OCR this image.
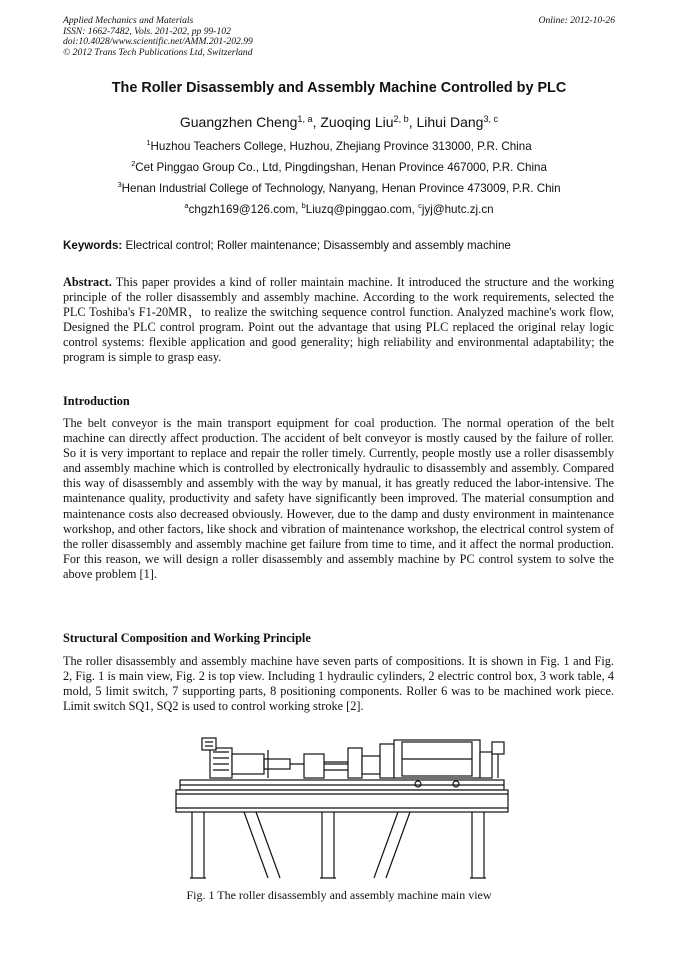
Applied Mechanics and Materials
ISSN: 1662-7482, Vols. 201-202, pp 99-102
doi:10.4028/www.scientific.net/AMM.201-202.99
© 2012 Trans Tech Publications Ltd, Switzerland
Online: 2012-10-26
The Roller Disassembly and Assembly Machine Controlled by PLC
Guangzhen Cheng$^{1, a}$, Zuoqing Liu$^{2, b}$, Lihui Dang$^{3, c}$
$^1$Huzhou Teachers College, Huzhou, Zhejiang Province 313000, P.R. China
$^2$Cet Pinggao Group Co., Ltd, Pingdingshan, Henan Province 467000, P.R. China
$^3$Henan Industrial College of Technology, Nanyang, Henan Province 473009, P.R. Chin
$^a$chgzh169@126.com, $^b$Liuzq@pinggao.com, $^c$jyj@hutc.zj.cn
Keywords: Electrical control; Roller maintenance; Disassembly and assembly machine
Abstract. This paper provides a kind of roller maintain machine. It introduced the structure and the working principle of the roller disassembly and assembly machine. According to the work requirements, selected the PLC Toshiba's F1-20MR，to realize the switching sequence control function. Analyzed machine's work flow, Designed the PLC control program. Point out the advantage that using PLC replaced the original relay logic control systems: flexible application and good generality; high reliability and environmental adaptability; the program is simple to grasp easy.
Introduction
The belt conveyor is the main transport equipment for coal production. The normal operation of the belt machine can directly affect production. The accident of belt conveyor is mostly caused by the failure of roller. So it is very important to replace and repair the roller timely. Currently, people mostly use a roller disassembly and assembly machine which is controlled by electronically hydraulic to disassembly and assembly. Compared this way of disassembly and assembly with the way by manual, it has greatly reduced the labor-intensive. The maintenance quality, productivity and safety have significantly been improved. The material consumption and maintenance costs also decreased obviously. However, due to the damp and dusty environment in maintenance workshop, and other factors, like shock and vibration of maintenance workshop, the electrical control system of the roller disassembly and assembly machine get failure from time to time, and it affect the normal production. For this reason, we will design a roller disassembly and assembly machine by PC control system to solve the above problem [1].
Structural Composition and Working Principle
The roller disassembly and assembly machine have seven parts of compositions. It is shown in Fig. 1 and Fig. 2, Fig. 1 is main view, Fig. 2 is top view. Including 1 hydraulic cylinders, 2 electric control box, 3 work table, 4 mold, 5 limit switch, 7 supporting parts, 8 positioning components. Roller 6 was to be machined work piece. Limit switch SQ1, SQ2 is used to control working stroke [2].
Fig. 1 The roller disassembly and assembly machine main view
